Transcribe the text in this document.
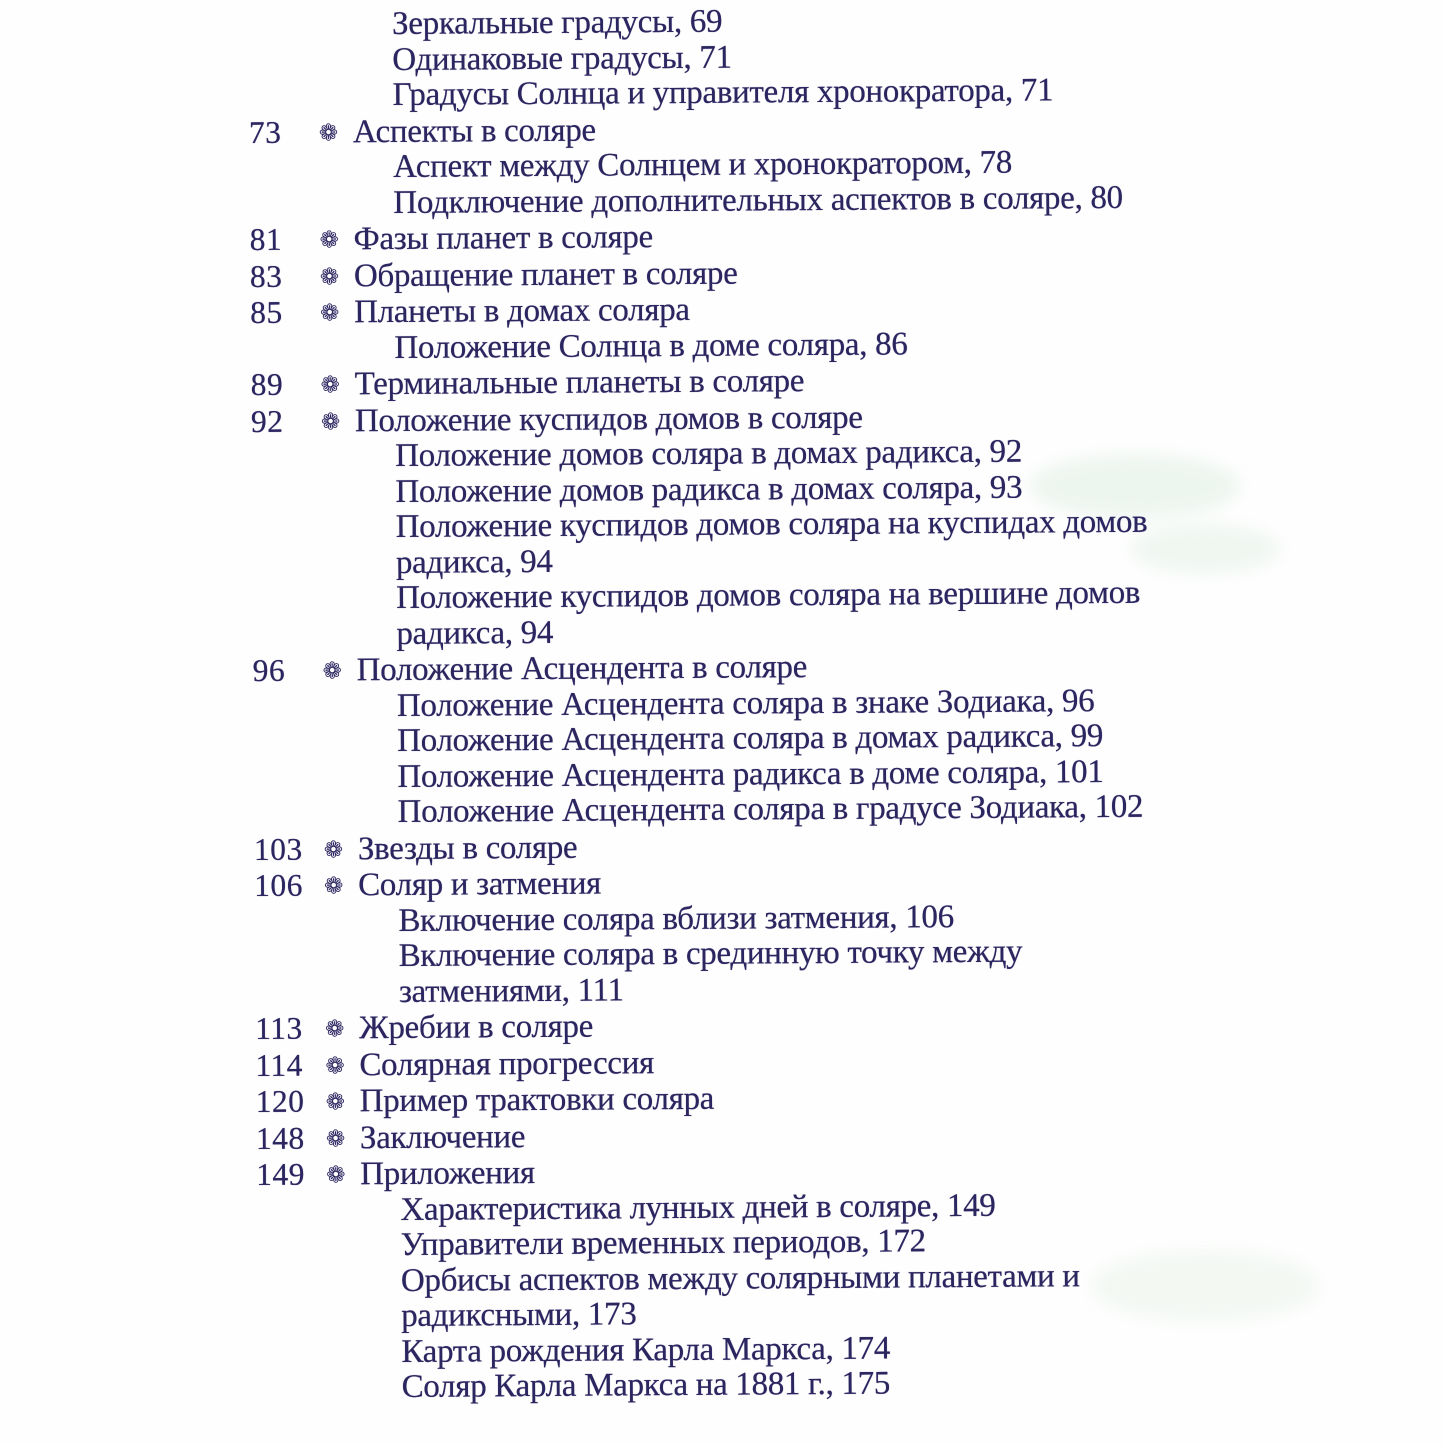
Зеркальные градусы, 69
Одинаковые градусы, 71
Градусы Солнца и управителя хронократора, 71
73	❁ Аспекты в соляре
Аспект между Солнцем и хронократором, 78
Подключение дополнительных аспектов в соляре, 80
81	❁ Фазы планет в соляре
83	❁ Обращение планет в соляре
85	❁ Планеты в домах соляра
Положение Солнца в доме соляра, 86
89	❁ Терминальные планеты в соляре
92	❁ Положение куспидов домов в соляре
Положение домов соляра в домах радикса, 92
Положение домов радикса в домах соляра, 93
Положение куспидов домов соляра на куспидах домов
радикса, 94
Положение куспидов домов соляра на вершине домов
радикса, 94
96	❁ Положение Асцендента в соляре
Положение Асцендента соляра в знаке Зодиака, 96
Положение Асцендента соляра в домах радикса, 99
Положение Асцендента радикса в доме соляра, 101
Положение Асцендента соляра в градусе Зодиака, 102
103 ❁ Звезды в соляре
106 ❁ Соляр и затмения
Включение соляра вблизи затмения, 106
Включение соляра в срединную точку между
затмениями, 111
113 ❁ Жребии в соляре
114 ❁ Солярная прогрессия
120 ❁ Пример трактовки соляра
148 ❁ Заключение
149 ❁ Приложения
Характеристика лунных дней в соляре, 149
Управители временных периодов, 172
Орбисы аспектов между солярными планетами и
радиксными, 173
Карта рождения Карла Маркса, 174
Соляр Карла Маркса на 1881 г., 175
